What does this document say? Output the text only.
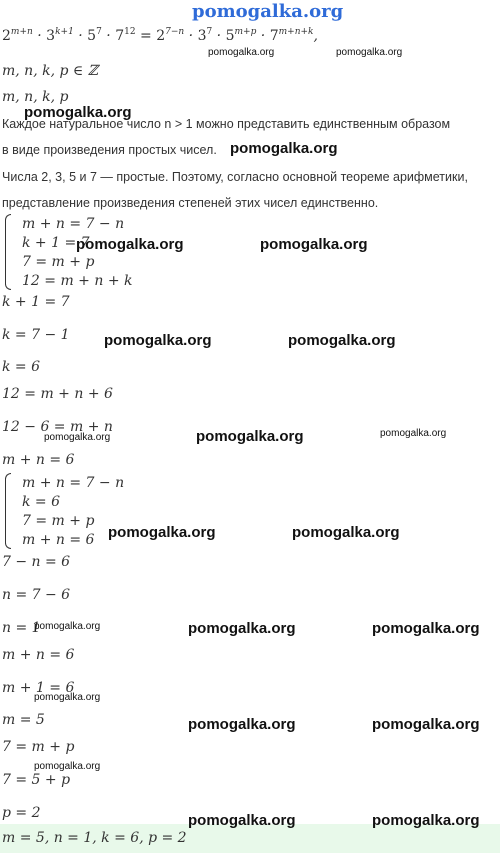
pomogalka.org
$2^{m+n} \cdot 3^{k+1} \cdot 5^7 \cdot 7^{12} = 2^{7-n} \cdot 3^7 \cdot 5^{m+p} \cdot 7^{m+n+k}$,
m, n, k, p ∈ ℤ
m, n, k, p
Каждое натуральное число n > 1 можно представить единственным образом
в виде произведения простых чисел.
Числа 2, 3, 5 и 7 — простые. Поэтому, согласно основной теореме арифметики,
представление произведения степеней этих чисел единственно.
m + n = 7 − n
k + 1 = 7
7 = m + p
12 = m + n + k
k + 1 = 7
k = 7 − 1
k = 6
12 = m + n + 6
12 − 6 = m + n
m + n = 6
m + n = 7 − n
k = 6
7 = m + p
m + n = 6
7 − n = 6
n = 7 − 6
n = 1
m + n = 6
m + 1 = 6
m = 5
7 = m + p
7 = 5 + p
p = 2
m = 5, n = 1, k = 6, p = 2
pomogalka.org	pomogalka.org
pomogalka.org
pomogalka.org
pomogalka.org	pomogalka.org
pomogalka.org	pomogalka.org
pomogalka.org	pomogalka.org	pomogalka.org
pomogalka.org	pomogalka.org
pomogalka.org	pomogalka.org	pomogalka.org
pomogalka.org
pomogalka.org	pomogalka.org
pomogalka.org
pomogalka.org	pomogalka.org
